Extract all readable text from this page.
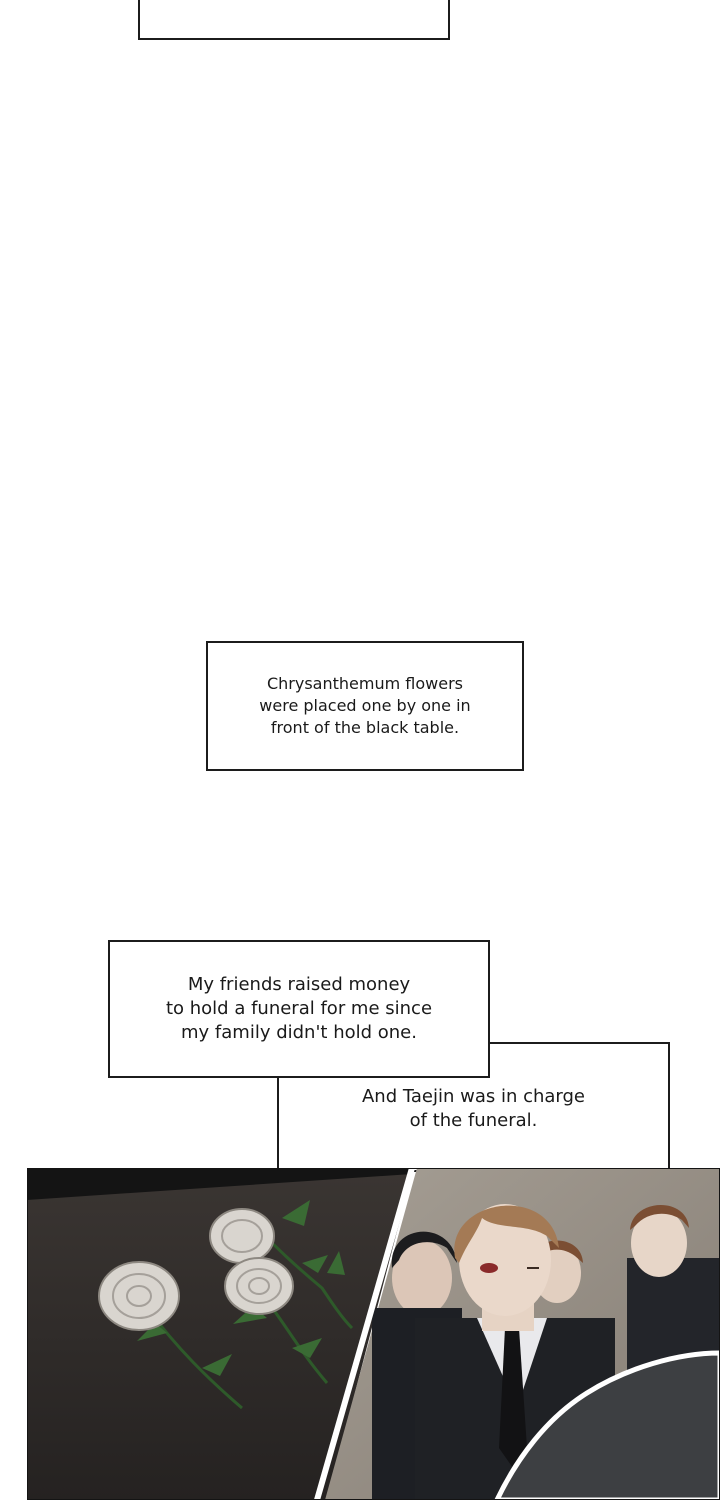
Chrysanthemum flowers
were placed one by one in
front of the black table.
And Taejin was in charge
of the funeral.
My friends raised money
to hold a funeral for me since
my family didn't hold one.
